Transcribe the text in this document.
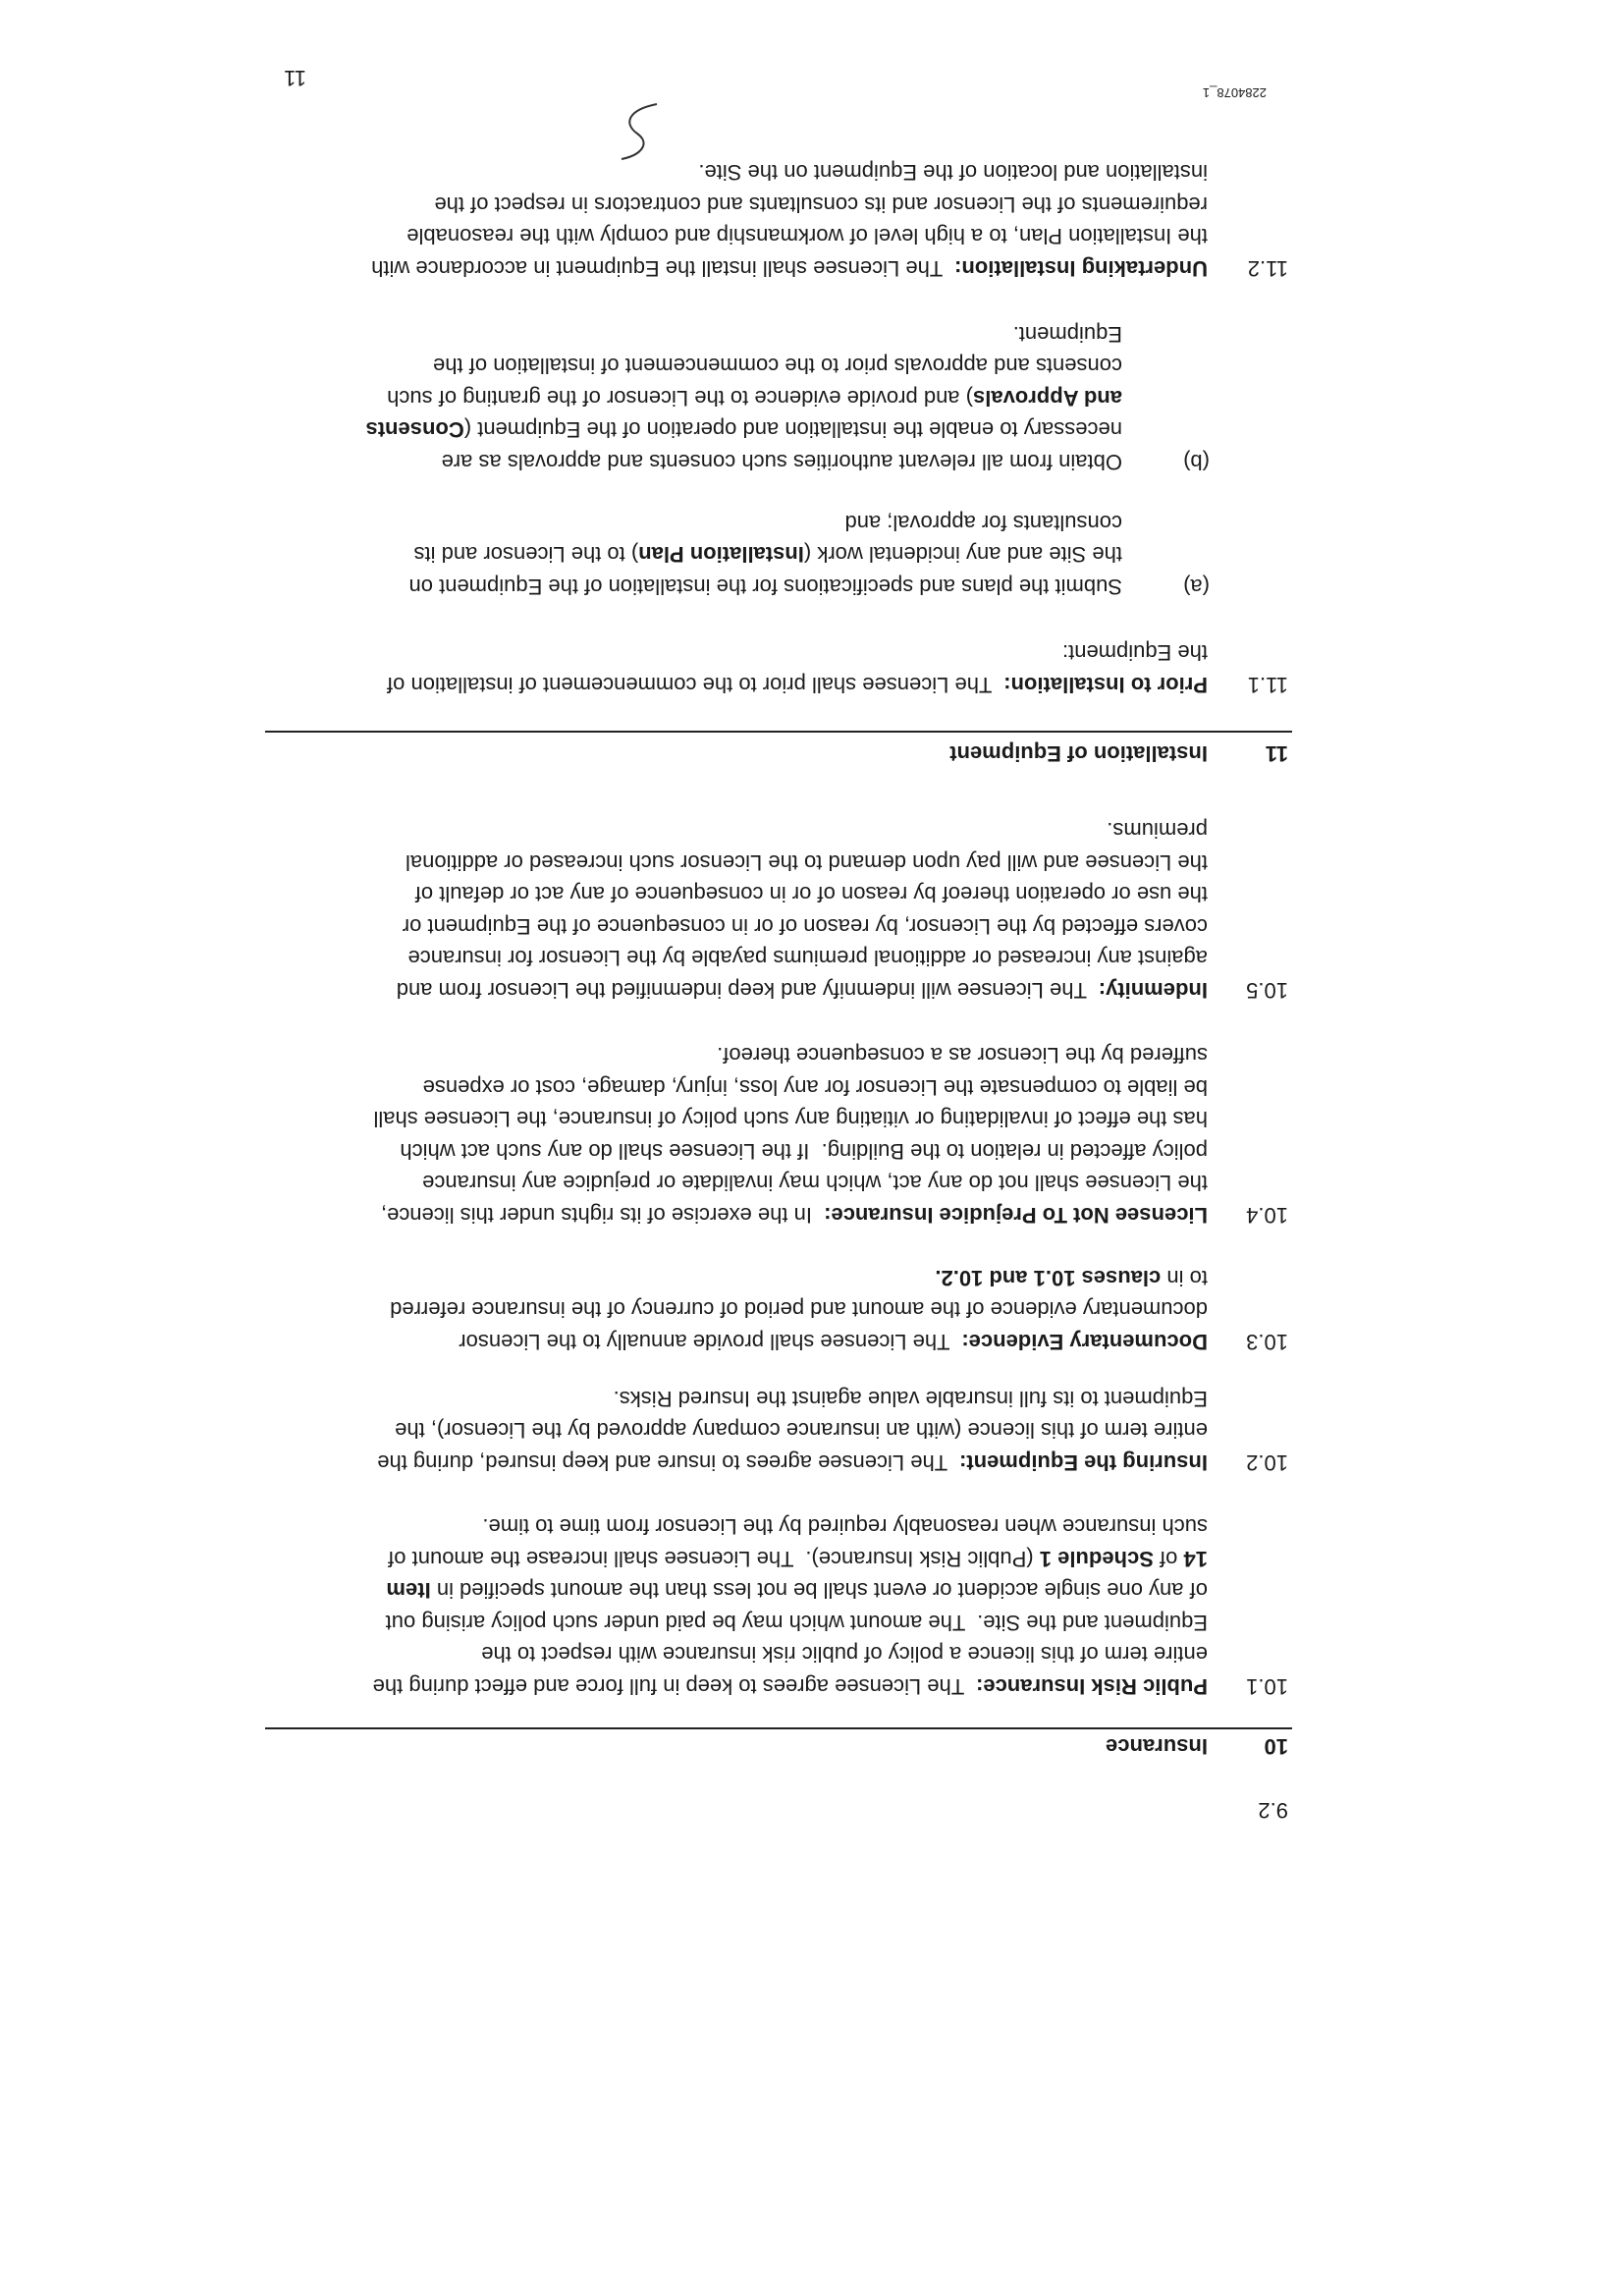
9.2
10
Insurance
10.1
Public Risk Insurance:  The Licensee agrees to keep in full force and effect during the
entire term of this licence a policy of public risk insurance with respect to the
Equipment and the Site.  The amount which may be paid under such policy arising out
of any one single accident or event shall be not less than the amount specified in Item
14 of Schedule 1 (Public Risk Insurance).  The Licensee shall increase the amount of
such insurance when reasonably required by the Licensor from time to time.
10.2
Insuring the Equipment:  The Licensee agrees to insure and keep insured, during the
entire term of this licence (with an insurance company approved by the Licensor), the
Equipment to its full insurable value against the Insured Risks.
10.3
Documentary Evidence:  The Licensee shall provide annually to the Licensor
documentary evidence of the amount and period of currency of the insurance referred
to in clauses 10.1 and 10.2.
10.4
Licensee Not To Prejudice Insurance:  In the exercise of its rights under this licence,
the Licensee shall not do any act, which may invalidate or prejudice any insurance
policy affected in relation to the Building.  If the Licensee shall do any such act which
has the effect of invalidating or vitiating any such policy of insurance, the Licensee shall
be liable to compensate the Licensor for any loss, injury, damage, cost or expense
suffered by the Licensor as a consequence thereof.
10.5
Indemnity:  The Licensee will indemnify and keep indemnified the Licensor from and
against any increased or additional premiums payable by the Licensor for insurance
covers effected by the Licensor, by reason of or in consequence of the Equipment or
the use or operation thereof by reason of or in consequence of any act or default of
the Licensee and will pay upon demand to the Licensor such increased or additional
premiums.
11
Installation of Equipment
11.1
Prior to Installation:  The Licensee shall prior to the commencement of installation of
the Equipment:
(a)
Submit the plans and specifications for the installation of the Equipment on
the Site and any incidental work (Installation Plan) to the Licensor and its
consultants for approval; and
(b)
Obtain from all relevant authorities such consents and approvals as are
necessary to enable the installation and operation of the Equipment (Consents
and Approvals) and provide evidence to the Licensor of the granting of such
consents and approvals prior to the commencement of installation of the
Equipment.
11.2
Undertaking Installation:  The Licensee shall install the Equipment in accordance with
the Installation Plan, to a high level of workmanship and comply with the reasonable
requirements of the Licensor and its consultants and contractors in respect of the
installation and location of the Equipment on the Site.
2284078_1
11
